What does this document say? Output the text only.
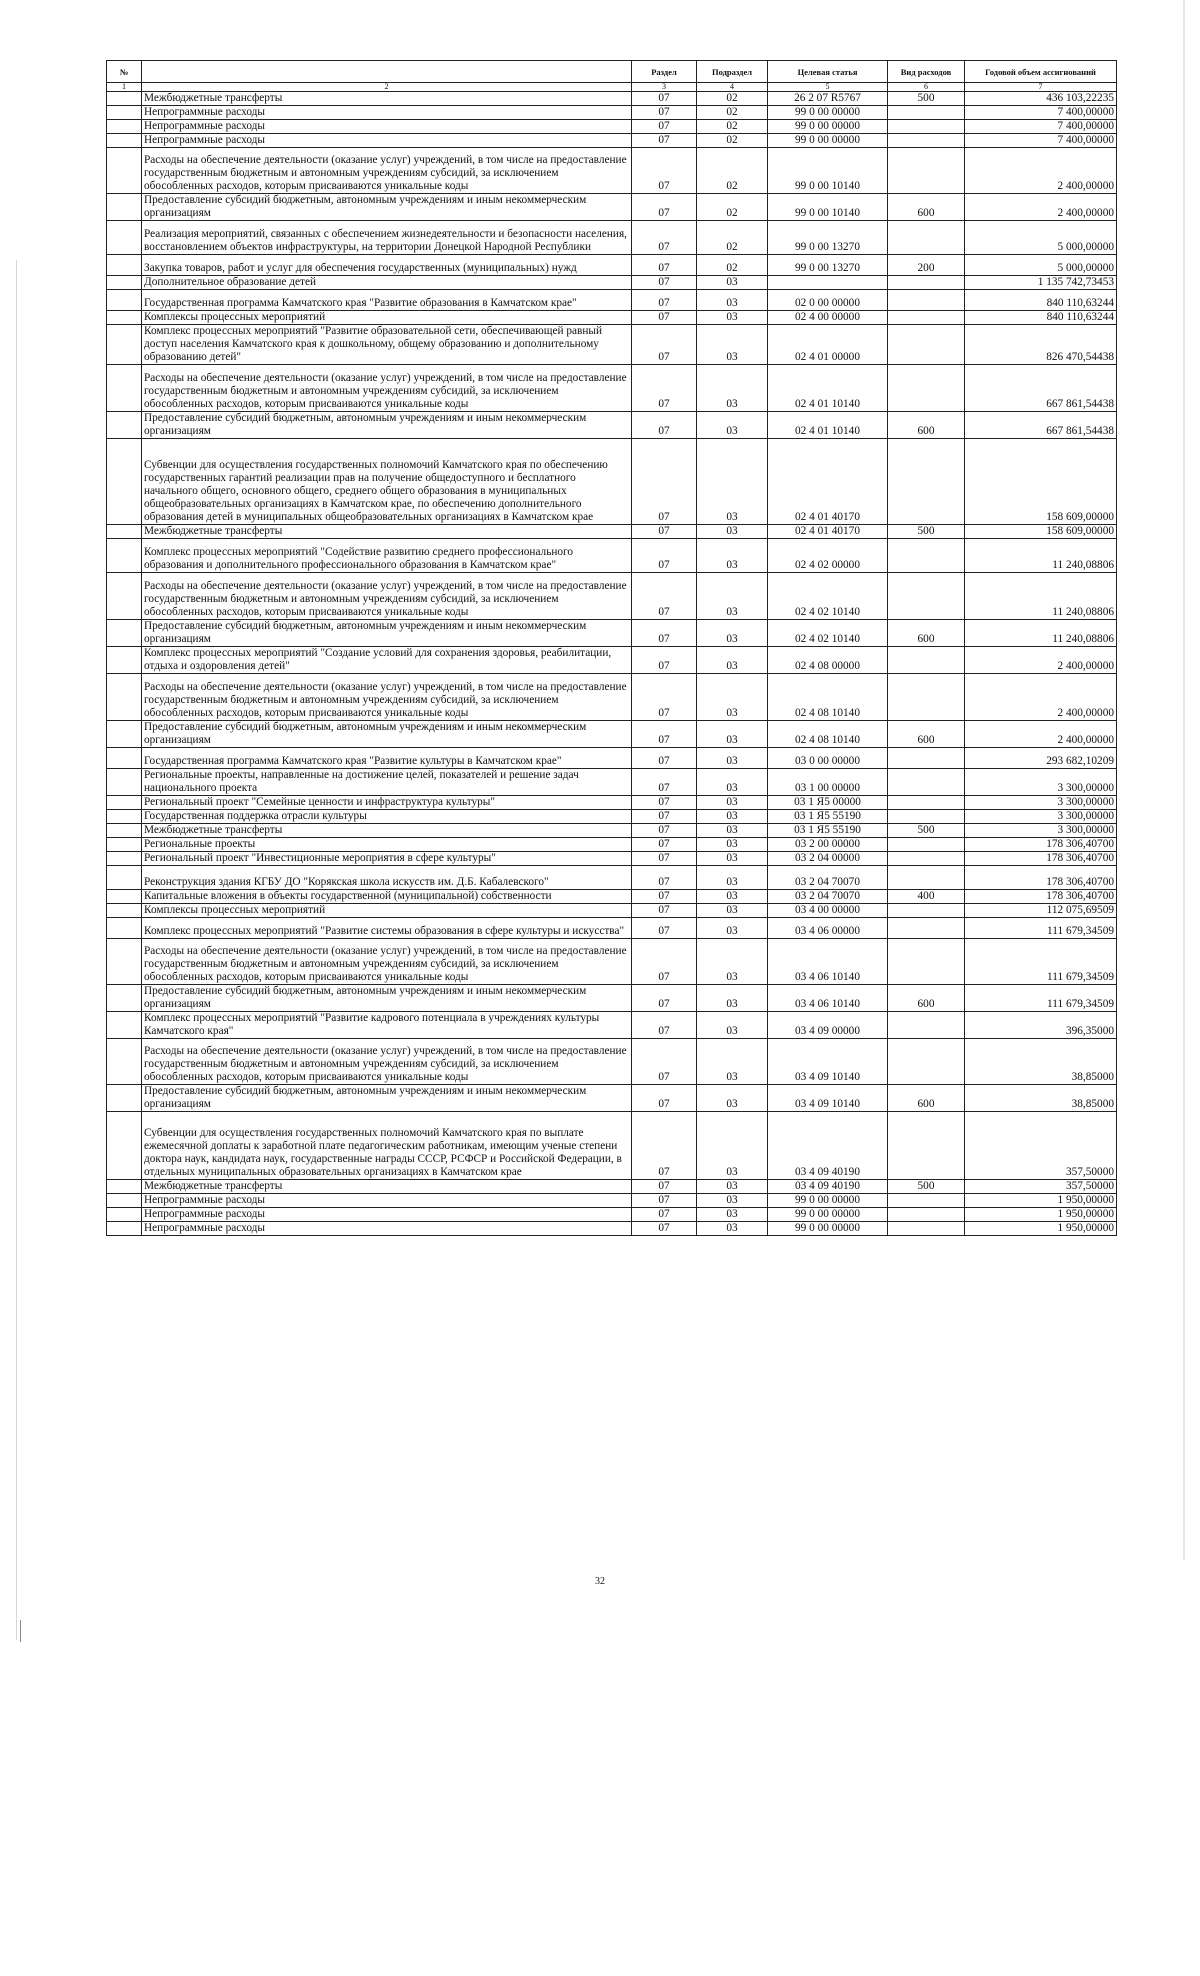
№		Раздел	Подраздел	Целевая статья	Вид расходов	Годовой объем ассигнований
1	2	3	4	5	6	7
	Межбюджетные трансферты	07	02	26 2 07 R5767	500	436 103,22235
	Непрограммные расходы	07	02	99 0 00 00000		7 400,00000
	Непрограммные расходы	07	02	99 0 00 00000		7 400,00000
	Непрограммные расходы	07	02	99 0 00 00000		7 400,00000
	Расходы на обеспечение деятельности (оказание услуг) учреждений, в том числе на предоставление государственным бюджетным и автономным учреждениям субсидий, за исключением обособленных расходов, которым присваиваются уникальные коды	07	02	99 0 00 10140		2 400,00000
	Предоставление субсидий бюджетным, автономным учреждениям и иным некоммерческим организациям	07	02	99 0 00 10140	600	2 400,00000
	Реализация мероприятий, связанных с обеспечением жизнедеятельности и безопасности населения, восстановлением объектов инфраструктуры, на территории Донецкой Народной Республики	07	02	99 0 00 13270		5 000,00000
	Закупка товаров, работ и услуг для обеспечения государственных (муниципальных) нужд	07	02	99 0 00 13270	200	5 000,00000
	Дополнительное образование детей	07	03			1 135 742,73453
	Государственная программа Камчатского края "Развитие образования в Камчатском крае"	07	03	02 0 00 00000		840 110,63244
	Комплексы процессных мероприятий	07	03	02 4 00 00000		840 110,63244
	Комплекс процессных мероприятий "Развитие образовательной сети, обеспечивающей равный доступ населения Камчатского края к дошкольному, общему образованию и дополнительному образованию детей"	07	03	02 4 01 00000		826 470,54438
	Расходы на обеспечение деятельности (оказание услуг) учреждений, в том числе на предоставление государственным бюджетным и автономным учреждениям субсидий, за исключением обособленных расходов, которым присваиваются уникальные коды	07	03	02 4 01 10140		667 861,54438
	Предоставление субсидий бюджетным, автономным учреждениям и иным некоммерческим организациям	07	03	02 4 01 10140	600	667 861,54438
	Субвенции для осуществления государственных полномочий Камчатского края по обеспечению государственных гарантий реализации прав на получение общедоступного и бесплатного начального общего, основного общего, среднего общего образования в муниципальных общеобразовательных организациях в Камчатском крае, по обеспечению дополнительного образования детей в муниципальных общеобразовательных организациях в Камчатском крае	07	03	02 4 01 40170		158 609,00000
	Межбюджетные трансферты	07	03	02 4 01 40170	500	158 609,00000
	Комплекс процессных мероприятий "Содействие развитию среднего профессионального образования и дополнительного профессионального образования в Камчатском крае"	07	03	02 4 02 00000		11 240,08806
	Расходы на обеспечение деятельности (оказание услуг) учреждений, в том числе на предоставление государственным бюджетным и автономным учреждениям субсидий, за исключением обособленных расходов, которым присваиваются уникальные коды	07	03	02 4 02 10140		11 240,08806
	Предоставление субсидий бюджетным, автономным учреждениям и иным некоммерческим организациям	07	03	02 4 02 10140	600	11 240,08806
	Комплекс процессных мероприятий "Создание условий для сохранения здоровья, реабилитации, отдыха и оздоровления детей"	07	03	02 4 08 00000		2 400,00000
	Расходы на обеспечение деятельности (оказание услуг) учреждений, в том числе на предоставление государственным бюджетным и автономным учреждениям субсидий, за исключением обособленных расходов, которым присваиваются уникальные коды	07	03	02 4 08 10140		2 400,00000
	Предоставление субсидий бюджетным, автономным учреждениям и иным некоммерческим организациям	07	03	02 4 08 10140	600	2 400,00000
	Государственная программа Камчатского края "Развитие культуры в Камчатском крае"	07	03	03 0 00 00000		293 682,10209
	Региональные проекты, направленные на достижение целей, показателей и решение задач национального проекта	07	03	03 1 00 00000		3 300,00000
	Региональный проект "Семейные ценности и инфраструктура культуры"	07	03	03 1 Я5 00000		3 300,00000
	Государственная поддержка отрасли культуры	07	03	03 1 Я5 55190		3 300,00000
	Межбюджетные трансферты	07	03	03 1 Я5 55190	500	3 300,00000
	Региональные проекты	07	03	03 2 00 00000		178 306,40700
	Региональный проект "Инвестиционные мероприятия в сфере культуры"	07	03	03 2 04 00000		178 306,40700
	Реконструкция здания КГБУ ДО "Корякская школа искусств им. Д.Б. Кабалевского"	07	03	03 2 04 70070		178 306,40700
	Капитальные вложения в объекты государственной (муниципальной) собственности	07	03	03 2 04 70070	400	178 306,40700
	Комплексы процессных мероприятий	07	03	03 4 00 00000		112 075,69509
	Комплекс процессных мероприятий "Развитие системы образования в сфере культуры и искусства"	07	03	03 4 06 00000		111 679,34509
	Расходы на обеспечение деятельности (оказание услуг) учреждений, в том числе на предоставление государственным бюджетным и автономным учреждениям субсидий, за исключением обособленных расходов, которым присваиваются уникальные коды	07	03	03 4 06 10140		111 679,34509
	Предоставление субсидий бюджетным, автономным учреждениям и иным некоммерческим организациям	07	03	03 4 06 10140	600	111 679,34509
	Комплекс процессных мероприятий "Развитие кадрового потенциала в учреждениях культуры Камчатского края"	07	03	03 4 09 00000		396,35000
	Расходы на обеспечение деятельности (оказание услуг) учреждений, в том числе на предоставление государственным бюджетным и автономным учреждениям субсидий, за исключением обособленных расходов, которым присваиваются уникальные коды	07	03	03 4 09 10140		38,85000
	Предоставление субсидий бюджетным, автономным учреждениям и иным некоммерческим организациям	07	03	03 4 09 10140	600	38,85000
	Субвенции для осуществления государственных полномочий Камчатского края по выплате ежемесячной доплаты к заработной плате педагогическим работникам, имеющим ученые степени доктора наук, кандидата наук, государственные награды СССР, РСФСР и Российской Федерации, в отдельных муниципальных образовательных организациях в Камчатском крае	07	03	03 4 09 40190		357,50000
	Межбюджетные трансферты	07	03	03 4 09 40190	500	357,50000
	Непрограммные расходы	07	03	99 0 00 00000		1 950,00000
	Непрограммные расходы	07	03	99 0 00 00000		1 950,00000
	Непрограммные расходы	07	03	99 0 00 00000		1 950,00000
32
